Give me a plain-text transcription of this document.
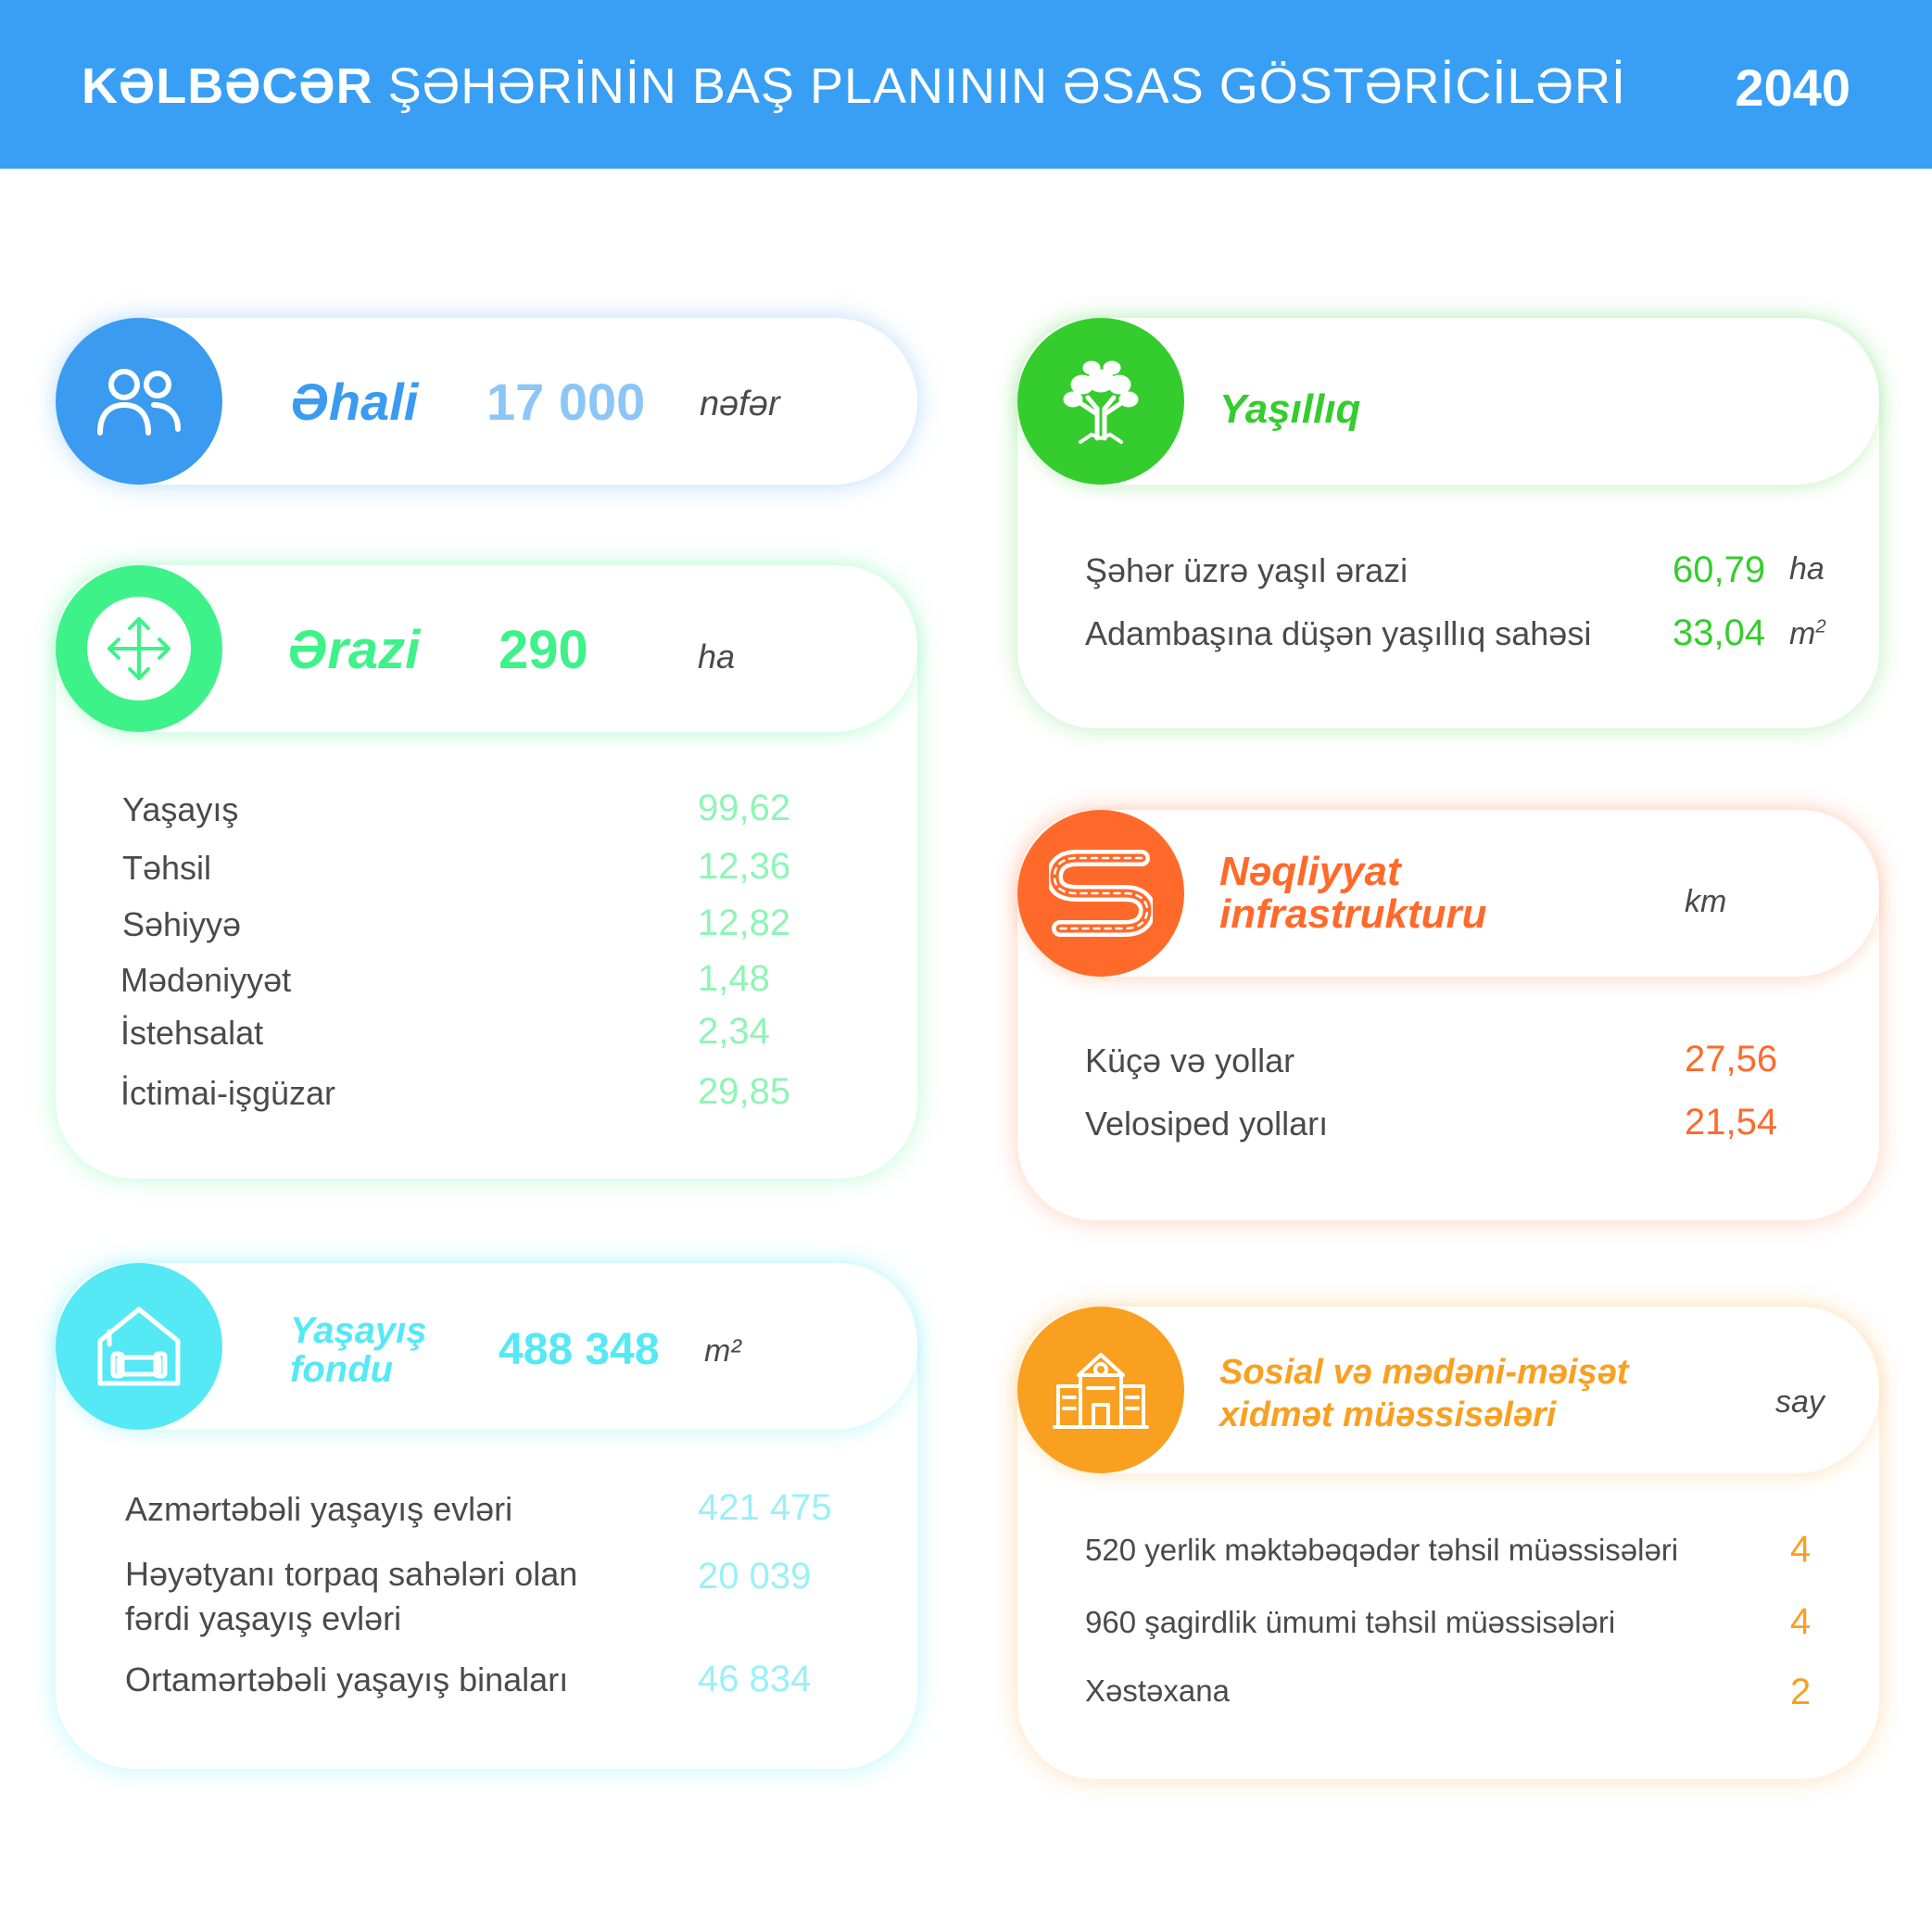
KƏLBƏCƏR ŞƏHƏRİNİN BAŞ PLANININ ƏSAS GÖSTƏRİCİLƏRİ 2040
Əhali 17 000 nəfər
Ərazi 290	ha
Yaşayış	99,62
Təhsil	12,36
Səhiyyə	12,82
Mədəniyyət	1,48
İstehsalat	2,34
İctimai-işgüzar	29,85
Yaşayış
fondu	488 348 m²
Azmərtəbəli yaşayış evləri	421 475
Həyətyanı torpaq sahələri olan
fərdi yaşayış evləri
20 039
Ortamərtəbəli yaşayış binaları	46 834
Yaşıllıq
Şəhər üzrə yaşıl ərazi	60,79 ha
Adambaşına düşən yaşıllıq sahəsi 33,04 $m^2$
Nəqliyyat
infrastrukturu	km
Küçə və yollar	27,56
Velosiped yolları	21,54
Sosial və mədəni-məişət
xidmət müəssisələri	say
520 yerlik məktəbəqədər təhsil müəssisələri	4
960 şagirdlik ümumi təhsil müəssisələri	4
Xəstəxana	2
